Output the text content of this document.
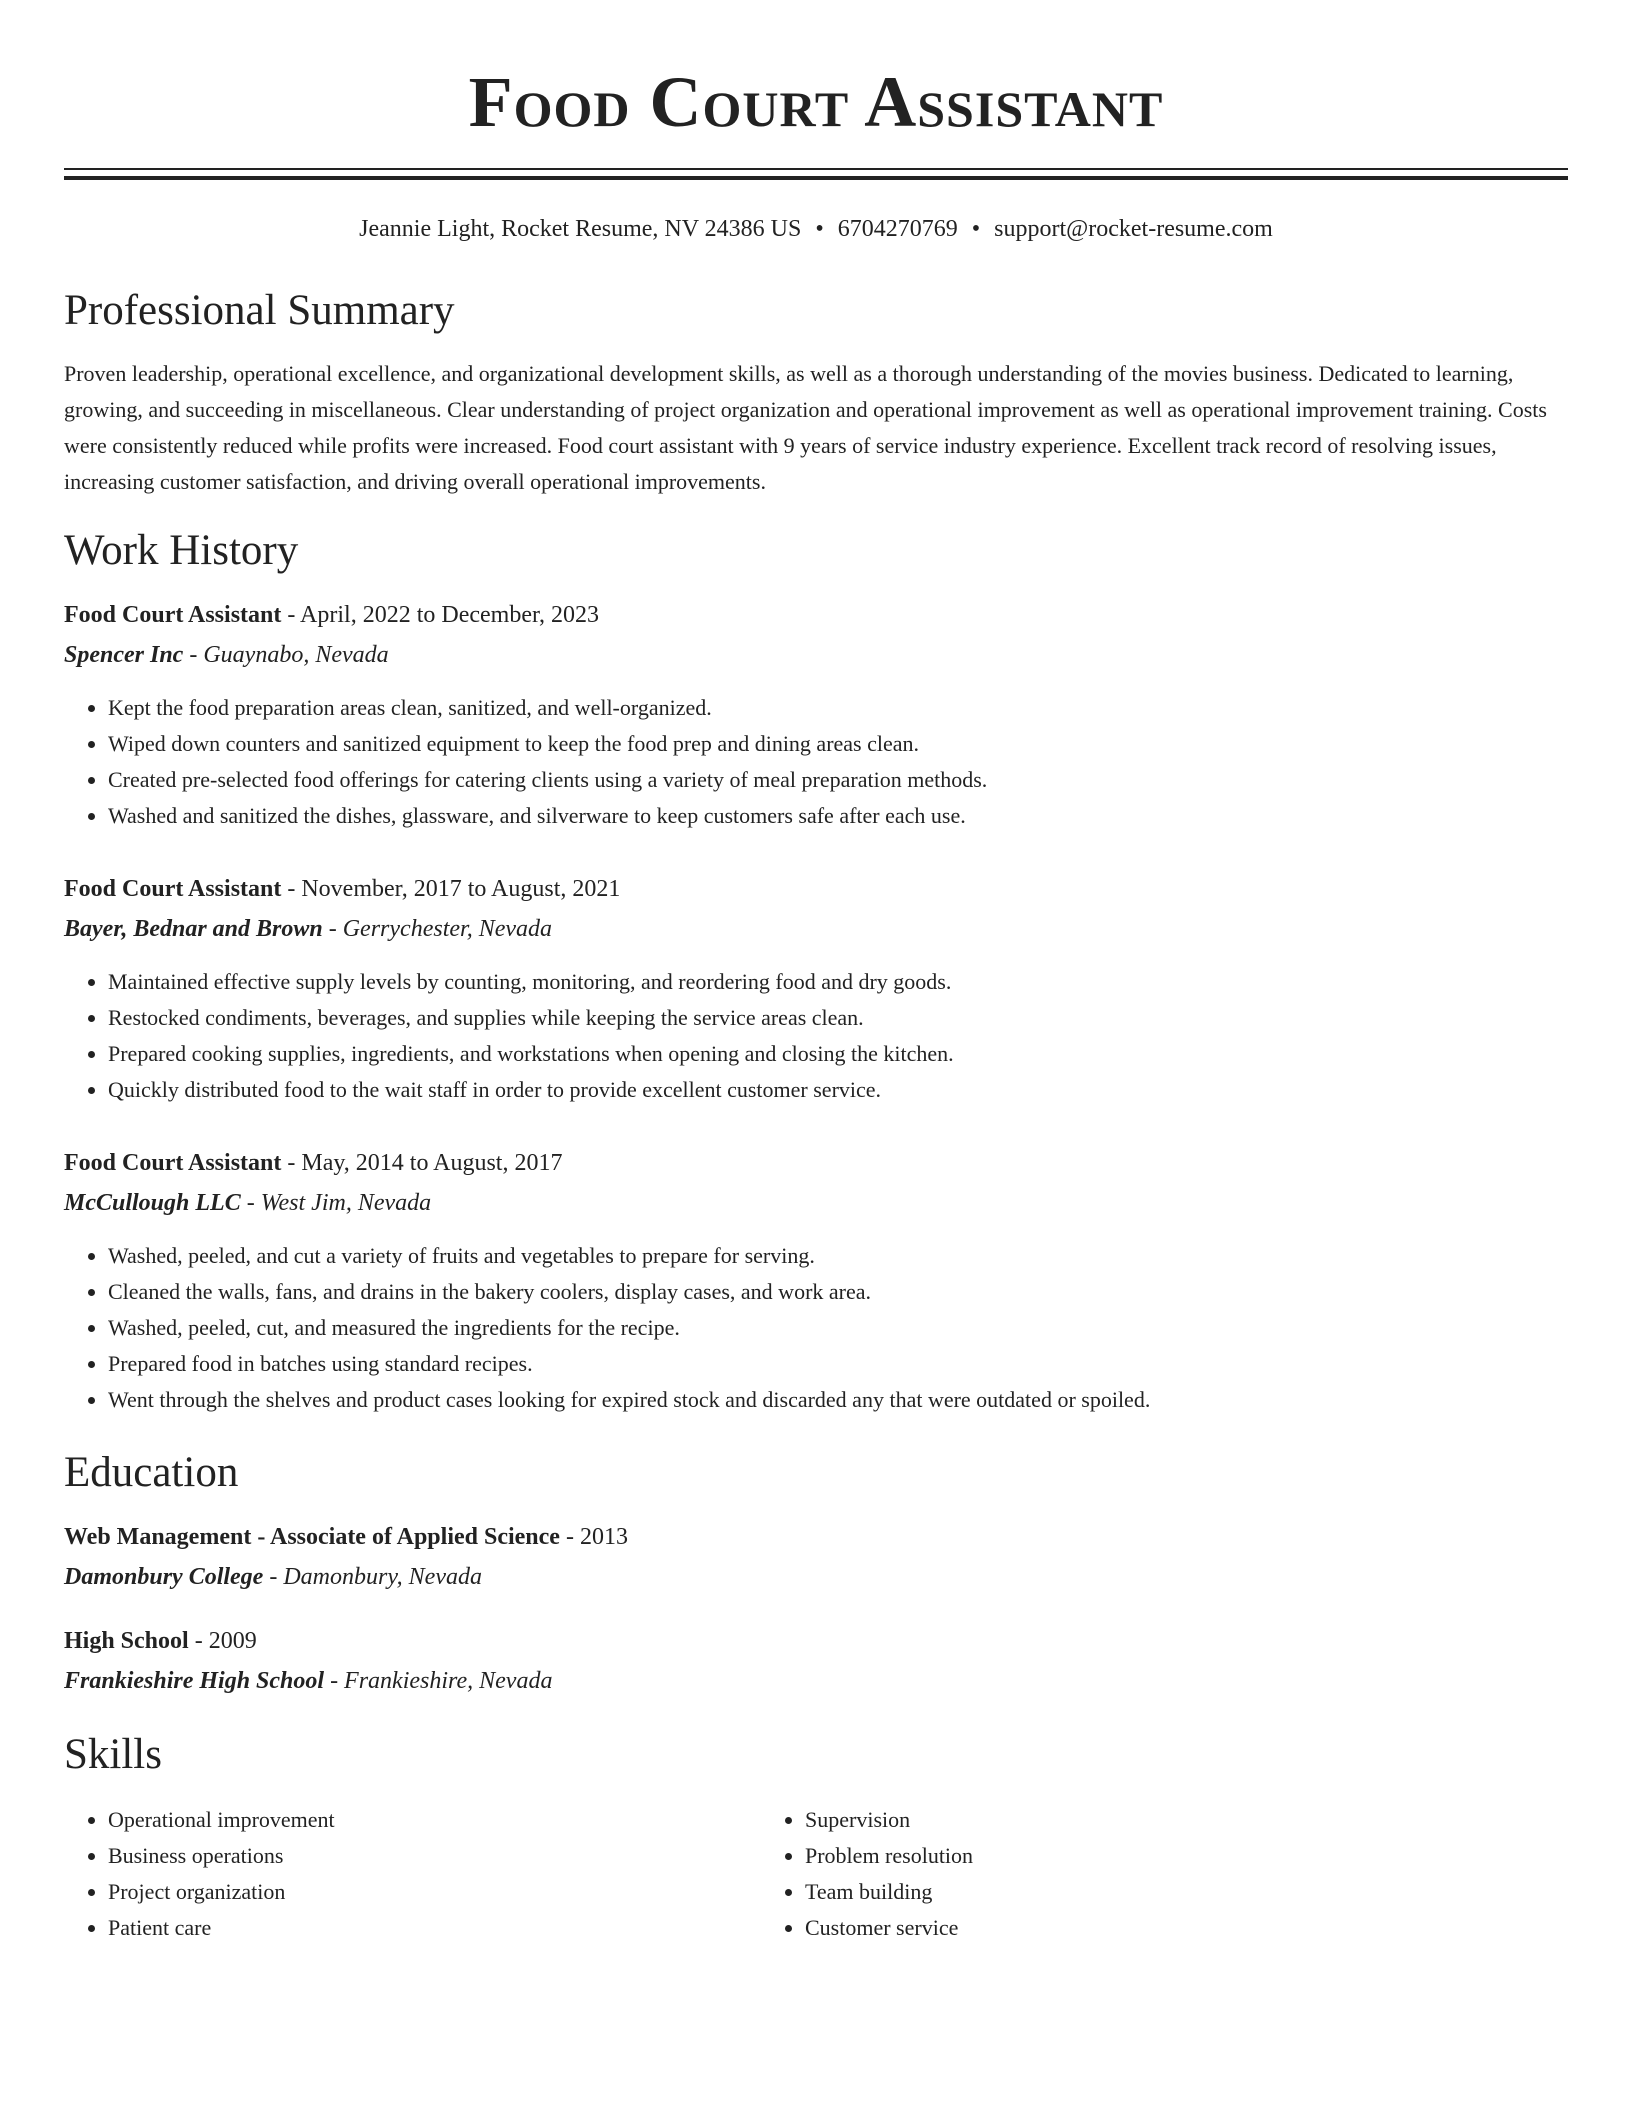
Food Court Assistant
Jeannie Light, Rocket Resume, NV 24386 US • 6704270769 • support@rocket-resume.com
Professional Summary

Proven leadership, operational excellence, and organizational development skills, as well as a thorough understanding of the movies business. Dedicated to learning, growing, and succeeding in miscellaneous. Clear understanding of project organization and operational improvement as well as operational improvement training. Costs were consistently reduced while profits were increased. Food court assistant with 9 years of service industry experience. Excellent track record of resolving issues, increasing customer satisfaction, and driving overall operational improvements.

Work History
Food Court Assistant - April, 2022 to December, 2023
Spencer Inc - Guaynabo, Nevada
• Kept the food preparation areas clean, sanitized, and well-organized.
• Wiped down counters and sanitized equipment to keep the food prep and dining areas clean.
• Created pre-selected food offerings for catering clients using a variety of meal preparation methods.
• Washed and sanitized the dishes, glassware, and silverware to keep customers safe after each use.
Food Court Assistant - November, 2017 to August, 2021
Bayer, Bednar and Brown - Gerrychester, Nevada
• Maintained effective supply levels by counting, monitoring, and reordering food and dry goods.
• Restocked condiments, beverages, and supplies while keeping the service areas clean.
• Prepared cooking supplies, ingredients, and workstations when opening and closing the kitchen.
• Quickly distributed food to the wait staff in order to provide excellent customer service.
Food Court Assistant - May, 2014 to August, 2017
McCullough LLC - West Jim, Nevada
• Washed, peeled, and cut a variety of fruits and vegetables to prepare for serving.
• Cleaned the walls, fans, and drains in the bakery coolers, display cases, and work area.
• Washed, peeled, cut, and measured the ingredients for the recipe.
• Prepared food in batches using standard recipes.
• Went through the shelves and product cases looking for expired stock and discarded any that were outdated or spoiled.
Education
Web Management - Associate of Applied Science - 2013
Damonbury College - Damonbury, Nevada
High School - 2009
Frankieshire High School - Frankieshire, Nevada
Skills
• Operational improvement
• Business operations
• Project organization
• Patient care
• Supervision
• Problem resolution
• Team building
• Customer service
